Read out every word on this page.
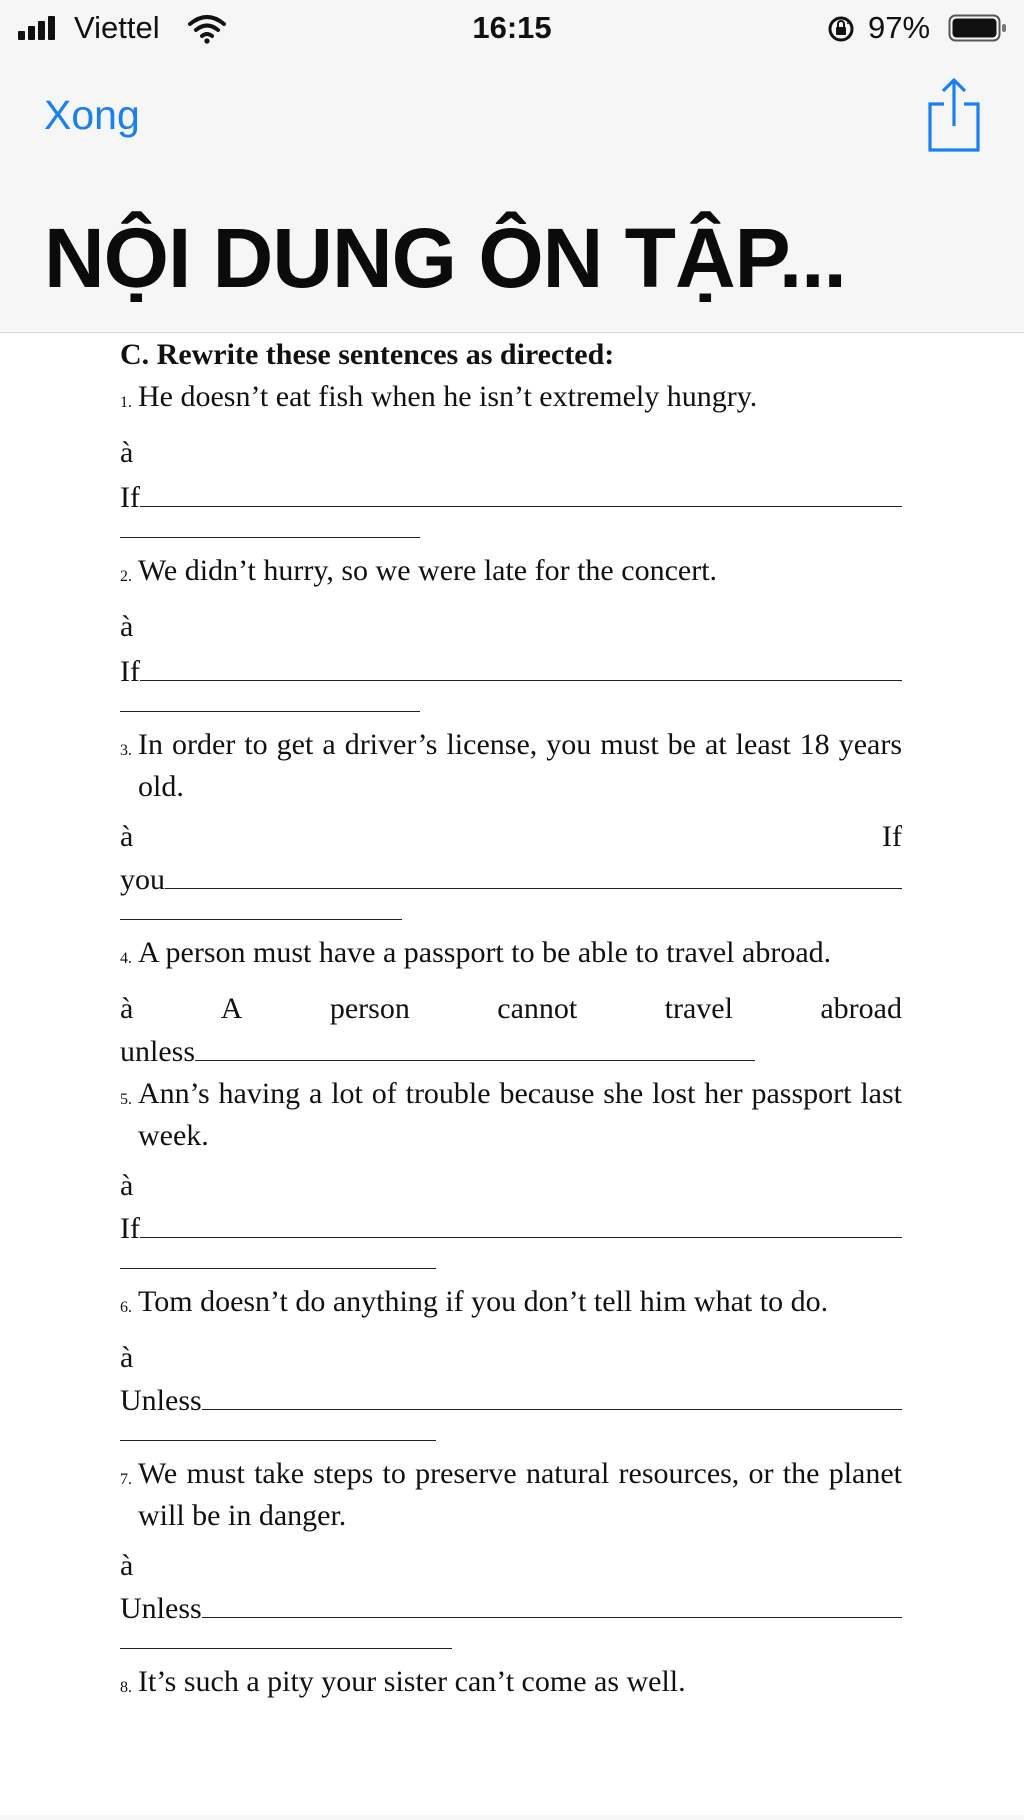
Viettel	16:15	97%
Xong
NỘI DUNG ÔN TẬP...
C. Rewrite these sentences as directed:
1. He doesn’t eat fish when he isn’t extremely hungry.
à
If
2. We didn’t hurry, so we were late for the concert.
à
If
3. In order to get a driver’s license, you must be at least 18 years old.
à	If
you
4. A person must have a passport to be able to travel abroad.
à	A	person	cannot	travel	abroad
unless
5. Ann’s having a lot of trouble because she lost her passport last week.
à
If
6. Tom doesn’t do anything if you don’t tell him what to do.
à
Unless
7. We must take steps to preserve natural resources, or the planet will be in danger.
à
Unless
8. It’s such a pity your sister can’t come as well.
